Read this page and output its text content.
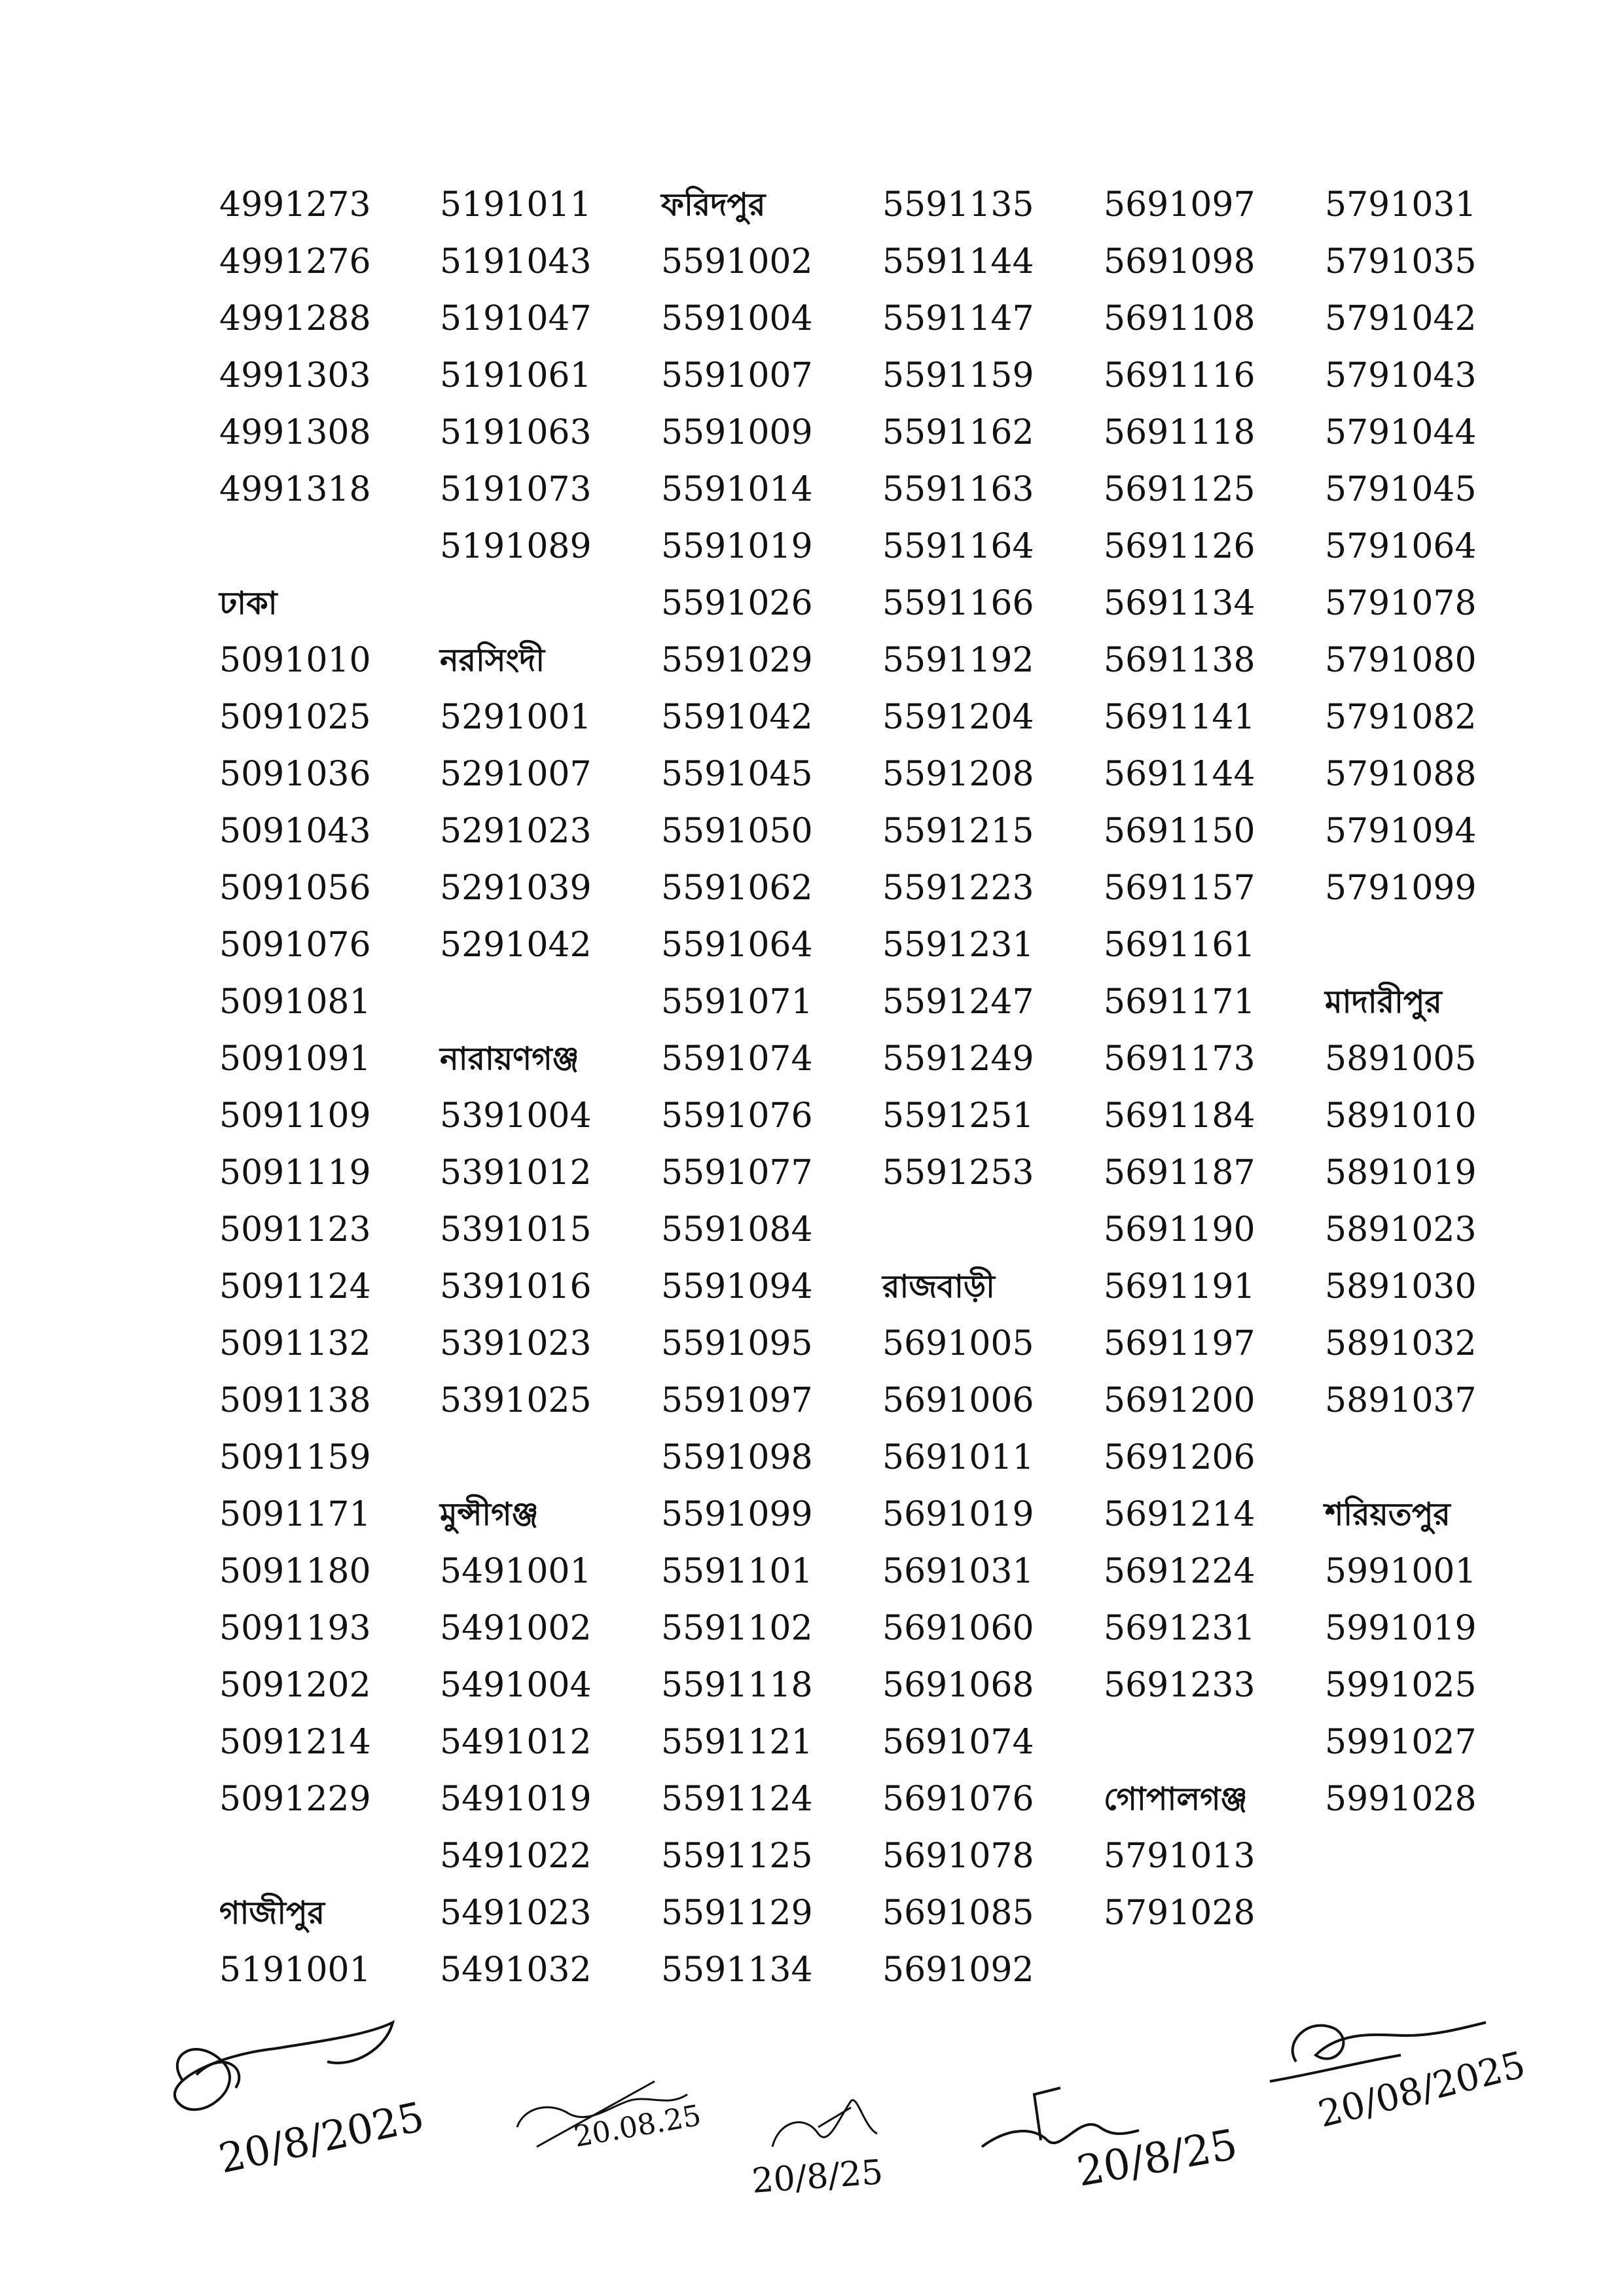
4991273
4991276
4991288
4991303
4991308
4991318
ঢাকা
5091010
5091025
5091036
5091043
5091056
5091076
5091081
5091091
5091109
5091119
5091123
5091124
5091132
5091138
5091159
5091171
5091180
5091193
5091202
5091214
5091229
গাজীপুর
5191001
5191011
5191043
5191047
5191061
5191063
5191073
5191089
নরসিংদী
5291001
5291007
5291023
5291039
5291042
নারায়ণগঞ্জ
5391004
5391012
5391015
5391016
5391023
5391025
মুন্সীগঞ্জ
5491001
5491002
5491004
5491012
5491019
5491022
5491023
5491032
ফরিদপুর
5591002
5591004
5591007
5591009
5591014
5591019
5591026
5591029
5591042
5591045
5591050
5591062
5591064
5591071
5591074
5591076
5591077
5591084
5591094
5591095
5591097
5591098
5591099
5591101
5591102
5591118
5591121
5591124
5591125
5591129
5591134
5591135
5591144
5591147
5591159
5591162
5591163
5591164
5591166
5591192
5591204
5591208
5591215
5591223
5591231
5591247
5591249
5591251
5591253
রাজবাড়ী
5691005
5691006
5691011
5691019
5691031
5691060
5691068
5691074
5691076
5691078
5691085
5691092
5691097
5691098
5691108
5691116
5691118
5691125
5691126
5691134
5691138
5691141
5691144
5691150
5691157
5691161
5691171
5691173
5691184
5691187
5691190
5691191
5691197
5691200
5691206
5691214
5691224
5691231
5691233
গোপালগঞ্জ
5791013
5791028
5791031
5791035
5791042
5791043
5791044
5791045
5791064
5791078
5791080
5791082
5791088
5791094
5791099
মাদারীপুর
5891005
5891010
5891019
5891023
5891030
5891032
5891037
শরিয়তপুর
5991001
5991019
5991025
5991027
5991028
20/8/2025	20.08.25
20/8/25	20/8/25
20/08/2025
